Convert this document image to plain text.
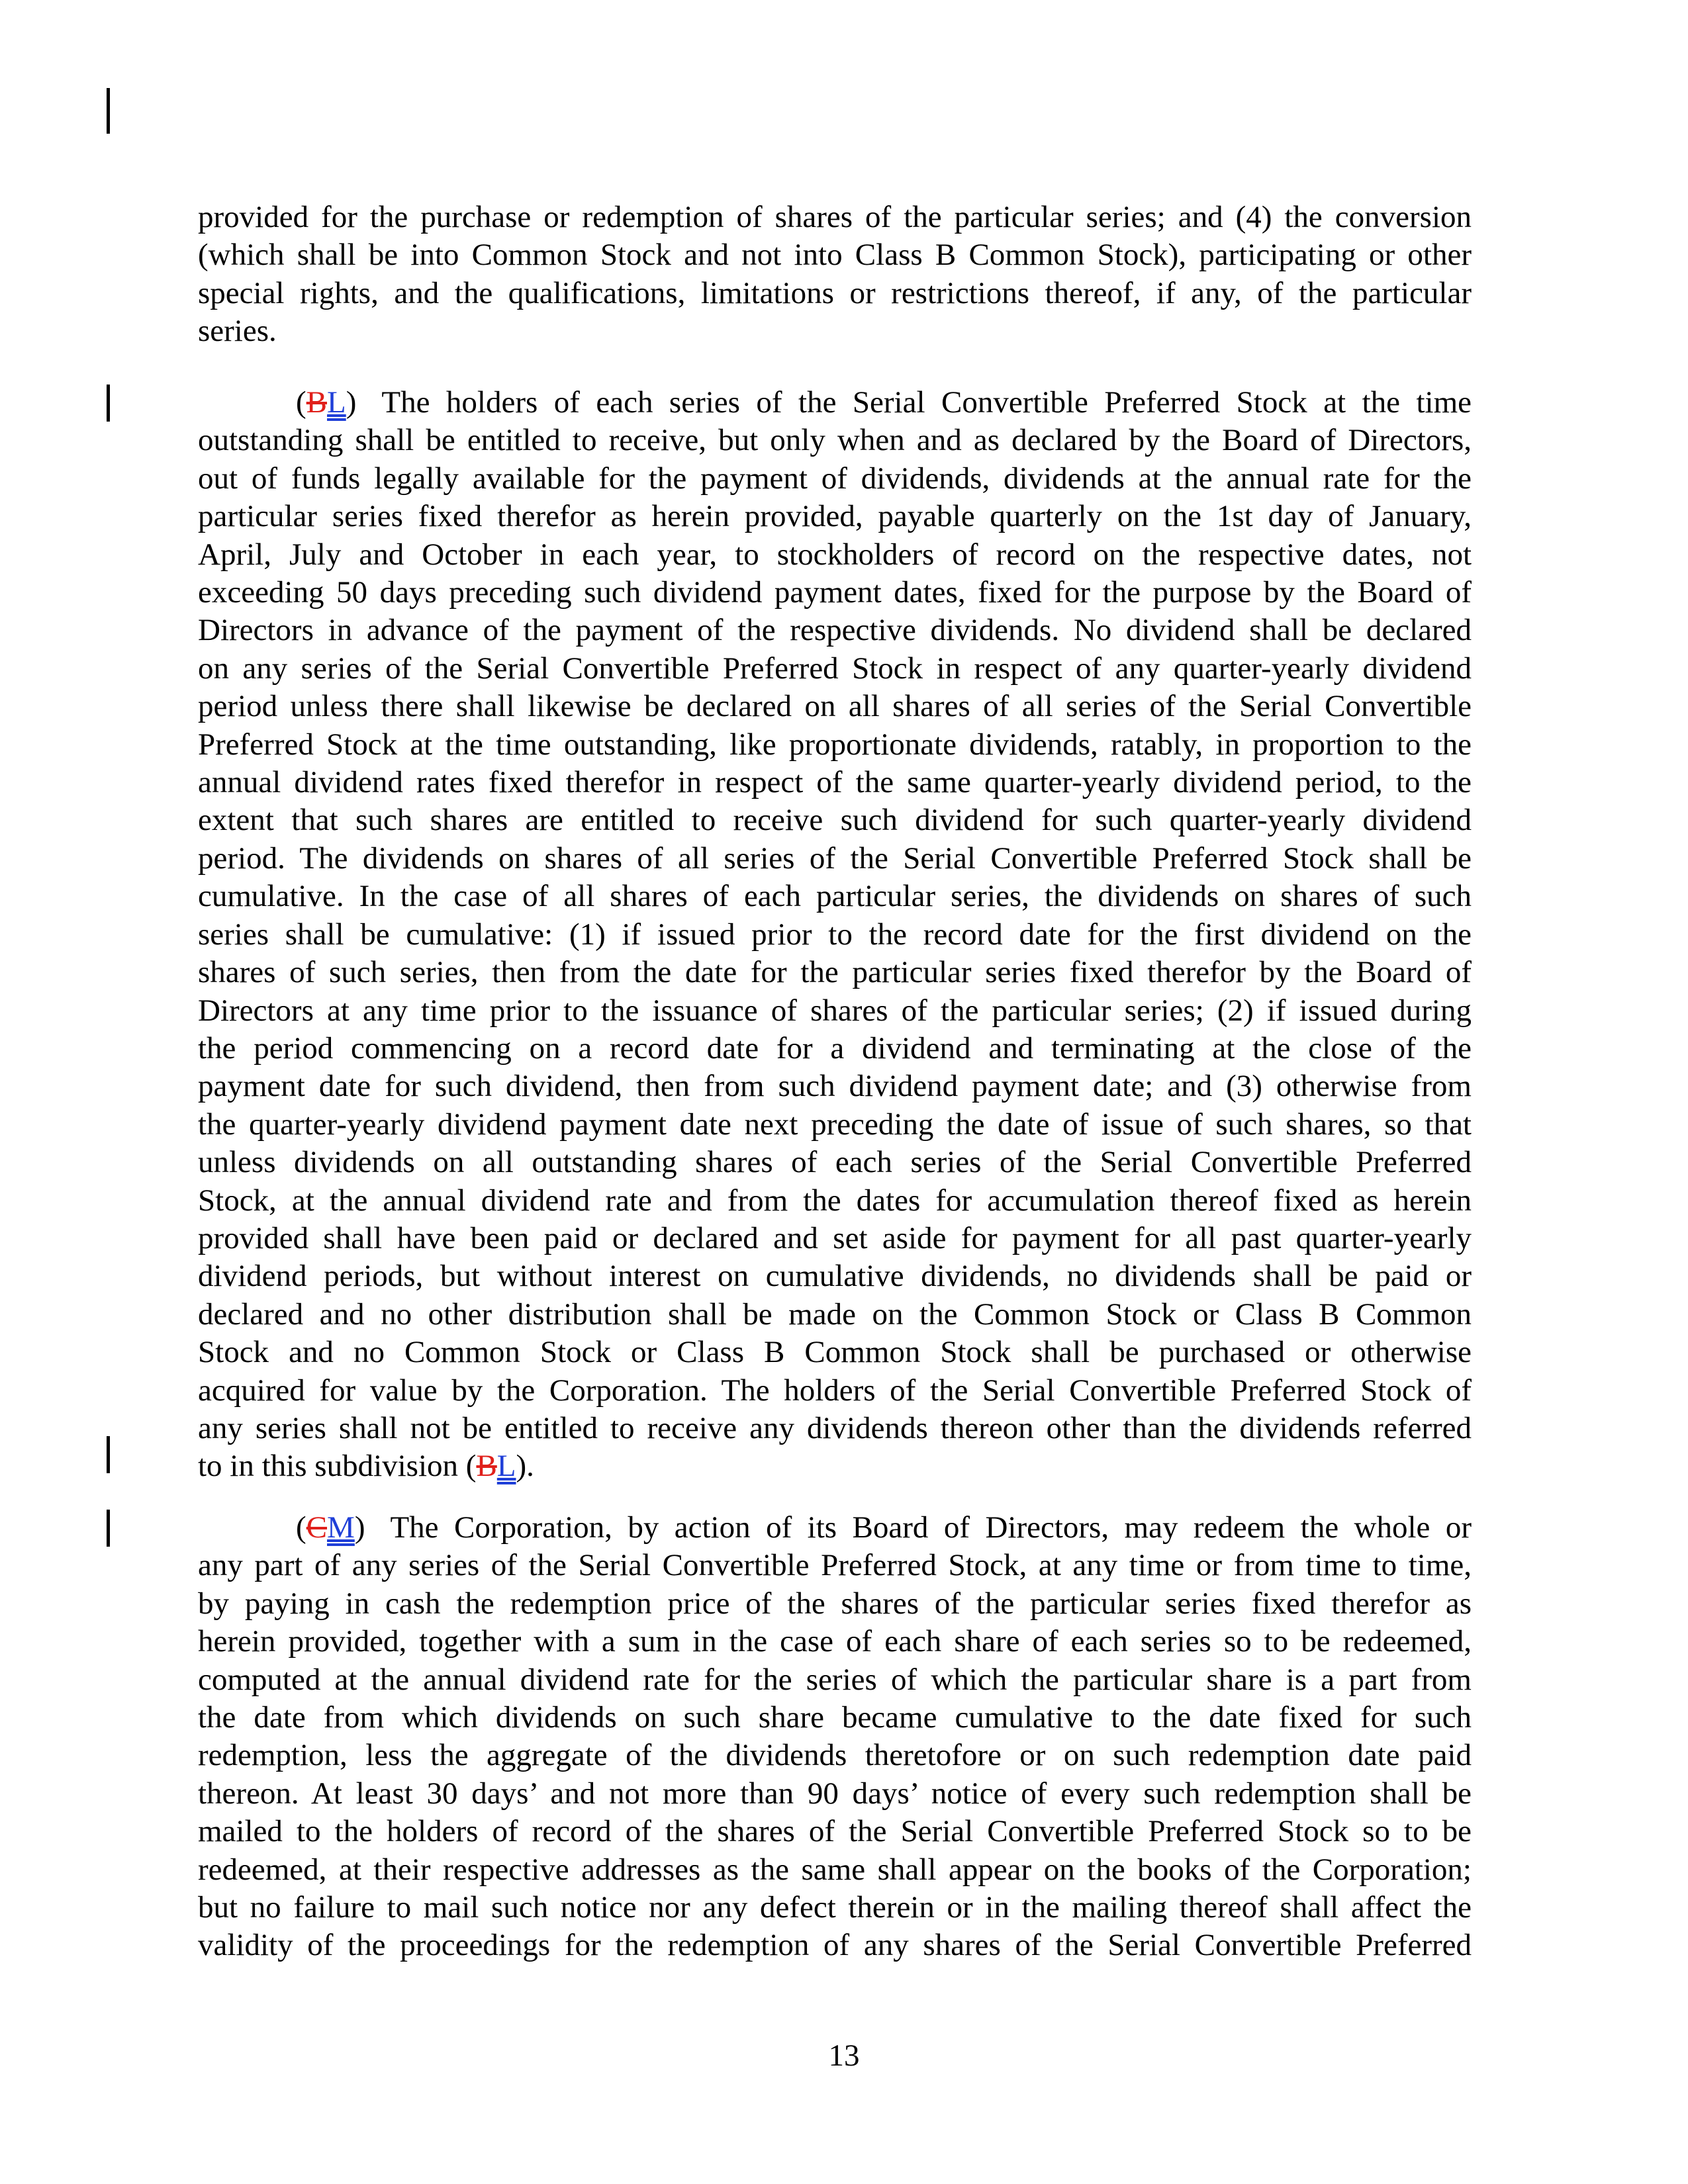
provided for the purchase or redemption of shares of the particular series; and (4) the conversion
(which shall be into Common Stock and not into Class B Common Stock), participating or other
special rights, and the qualifications, limitations or restrictions thereof, if any, of the particular
series.
(BL) The holders of each series of the Serial Convertible Preferred Stock at the time
outstanding shall be entitled to receive, but only when and as declared by the Board of Directors,
out of funds legally available for the payment of dividends, dividends at the annual rate for the
particular series fixed therefor as herein provided, payable quarterly on the 1st day of January,
April, July and October in each year, to stockholders of record on the respective dates, not
exceeding 50 days preceding such dividend payment dates, fixed for the purpose by the Board of
Directors in advance of the payment of the respective dividends. No dividend shall be declared
on any series of the Serial Convertible Preferred Stock in respect of any quarter-yearly dividend
period unless there shall likewise be declared on all shares of all series of the Serial Convertible
Preferred Stock at the time outstanding, like proportionate dividends, ratably, in proportion to the
annual dividend rates fixed therefor in respect of the same quarter-yearly dividend period, to the
extent that such shares are entitled to receive such dividend for such quarter-yearly dividend
period. The dividends on shares of all series of the Serial Convertible Preferred Stock shall be
cumulative. In the case of all shares of each particular series, the dividends on shares of such
series shall be cumulative: (1) if issued prior to the record date for the first dividend on the
shares of such series, then from the date for the particular series fixed therefor by the Board of
Directors at any time prior to the issuance of shares of the particular series; (2) if issued during
the period commencing on a record date for a dividend and terminating at the close of the
payment date for such dividend, then from such dividend payment date; and (3) otherwise from
the quarter-yearly dividend payment date next preceding the date of issue of such shares, so that
unless dividends on all outstanding shares of each series of the Serial Convertible Preferred
Stock, at the annual dividend rate and from the dates for accumulation thereof fixed as herein
provided shall have been paid or declared and set aside for payment for all past quarter-yearly
dividend periods, but without interest on cumulative dividends, no dividends shall be paid or
declared and no other distribution shall be made on the Common Stock or Class B Common
Stock and no Common Stock or Class B Common Stock shall be purchased or otherwise
acquired for value by the Corporation. The holders of the Serial Convertible Preferred Stock of
any series shall not be entitled to receive any dividends thereon other than the dividends referred
to in this subdivision (BL).
(CM) The Corporation, by action of its Board of Directors, may redeem the whole or
any part of any series of the Serial Convertible Preferred Stock, at any time or from time to time,
by paying in cash the redemption price of the shares of the particular series fixed therefor as
herein provided, together with a sum in the case of each share of each series so to be redeemed,
computed at the annual dividend rate for the series of which the particular share is a part from
the date from which dividends on such share became cumulative to the date fixed for such
redemption, less the aggregate of the dividends theretofore or on such redemption date paid
thereon. At least 30 days’ and not more than 90 days’ notice of every such redemption shall be
mailed to the holders of record of the shares of the Serial Convertible Preferred Stock so to be
redeemed, at their respective addresses as the same shall appear on the books of the Corporation;
but no failure to mail such notice nor any defect therein or in the mailing thereof shall affect the
validity of the proceedings for the redemption of any shares of the Serial Convertible Preferred
13
